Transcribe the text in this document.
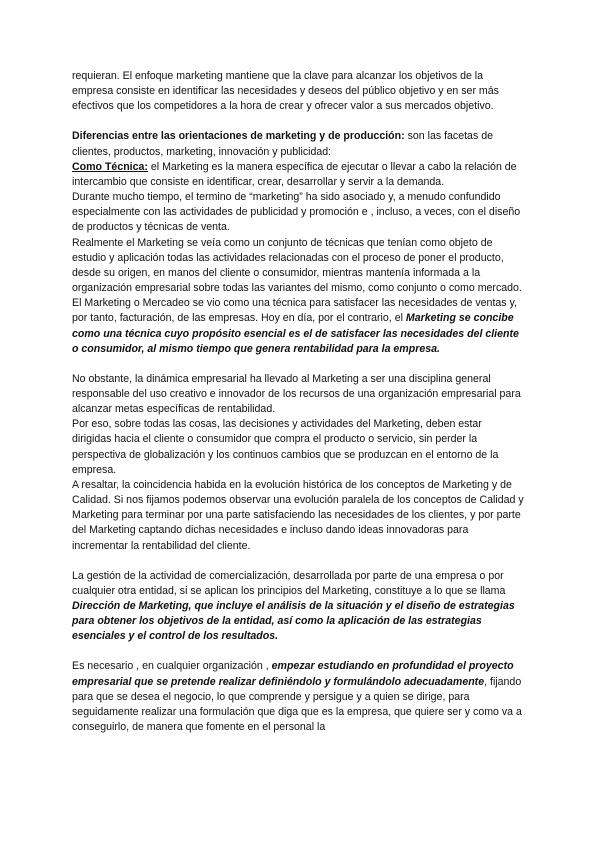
requieran. El enfoque marketing mantiene que la clave para alcanzar los objetivos de la empresa consiste en identificar las necesidades y deseos del público objetivo y en ser más efectivos que los competidores a la hora de crear y ofrecer valor a sus mercados objetivo.

Diferencias entre las orientaciones de marketing y de producción: son las facetas de clientes, productos, marketing, innovación y publicidad:

Como Técnica: el Marketing es la manera específica de ejecutar o llevar a cabo la relación de intercambio que consiste en identificar, crear, desarrollar y servir a la demanda.

Durante mucho tiempo, el termino de “marketing” ha sido asociado y, a menudo confundido especialmente con las actividades de publicidad y promoción e , incluso, a veces, con el diseño de productos y técnicas de venta.

Realmente el Marketing se veía como un conjunto de técnicas que tenían como objeto de estudio y aplicación todas las actividades relacionadas con el proceso de poner el producto, desde su origen, en manos del cliente o consumidor, mientras mantenía informada a la organización empresarial sobre todas las variantes del mismo, como conjunto o como mercado.

El Marketing o Mercadeo se vio como una técnica para satisfacer las necesidades de ventas y, por tanto, facturación, de las empresas. Hoy en día, por el contrario, el Marketing se concibe como una técnica cuyo propósito esencial es el de satisfacer las necesidades del cliente o consumidor, al mismo tiempo que genera rentabilidad para la empresa.

No obstante, la dinámica empresarial ha llevado al Marketing a ser una disciplina general responsable del uso creativo e innovador de los recursos de una organización empresarial para alcanzar metas específicas de rentabilidad.

Por eso, sobre todas las cosas, las decisiones y actividades del Marketing, deben estar dirigidas hacia el cliente o consumidor que compra el producto o servicio, sin perder la perspectiva de globalización y los continuos cambios que se produzcan en el entorno de la empresa.

A resaltar, la coincidencia habida en la evolución histórica de los conceptos de Marketing y de Calidad. Si nos fijamos podemos observar una evolución paralela de los conceptos de Calidad y Marketing para terminar por una parte satisfaciendo las necesidades de los clientes, y por parte del Marketing captando dichas necesidades e incluso dando ideas innovadoras para incrementar la rentabilidad del cliente.

La gestión de la actividad de comercialización, desarrollada por parte de una empresa o por cualquier otra entidad, si se aplican los principios del Marketing, constituye a lo que se llama Dirección de Marketing, que incluye el análisis de la situación y el diseño de estrategias para obtener los objetivos de la entidad, así como la aplicación de las estrategias esenciales y el control de los resultados.

Es necesario , en cualquier organización , empezar estudiando en profundidad el proyecto empresarial que se pretende realizar definiéndolo y formulándolo adecuadamente, fijando para que se desea el negocio, lo que comprende y persigue y a quien se dirige, para seguidamente realizar una formulación que diga que es la empresa, que quiere ser y como va a conseguirlo, de manera que fomente en el personal la
